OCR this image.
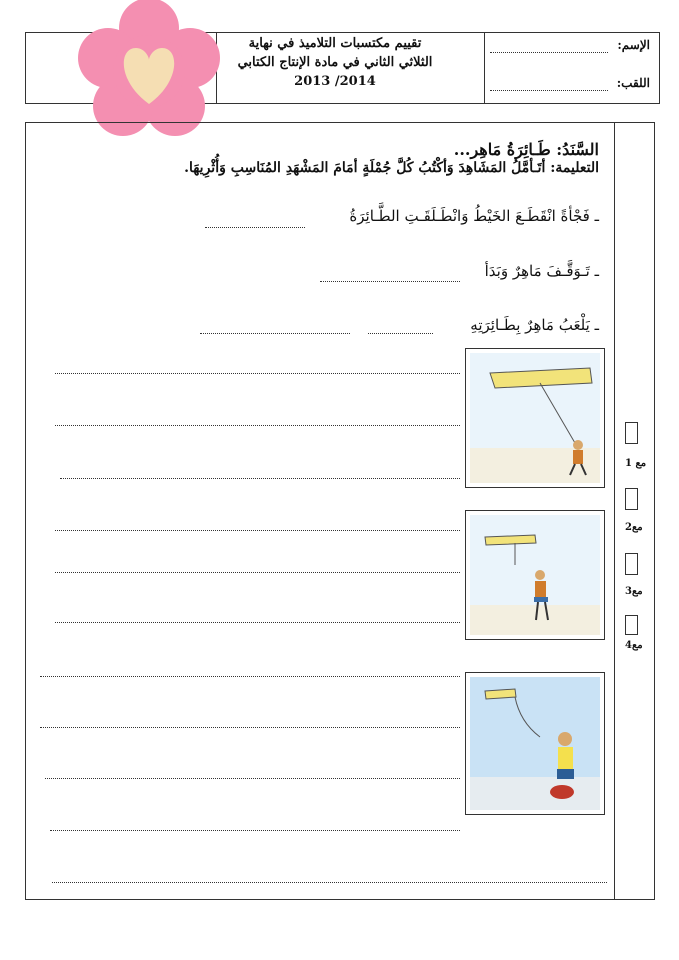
تقييم مكتسبات التلاميذ في نهاية
الثلاثي الثاني في مادة الإنتاج الكتابي
2014/ 2013
الإسم:
اللقب:
السَّنَدُ: طَـائِرَةُ مَاهِر...
التعليمة: أتَـأمَّلُ المَشَاهِدَ وَأكْتُبُ كُلَّ جُمْلَةٍ أمَامَ المَشْهَدِ المُنَاسِبِ وَأُثْرِيهَا.
ـ فَجْأةً انْقَطَـعَ الخَيْطُ وَانْطَـلَقَـتِ الطَّـائِرَةُ
ـ تَـوَقَّـفَ مَاهِرٌ وَبَدَأ
ـ يَلْعَبُ مَاهِرٌ بِطَـائِرَتِهِ
مع 1
مع2
مع3
مع4
